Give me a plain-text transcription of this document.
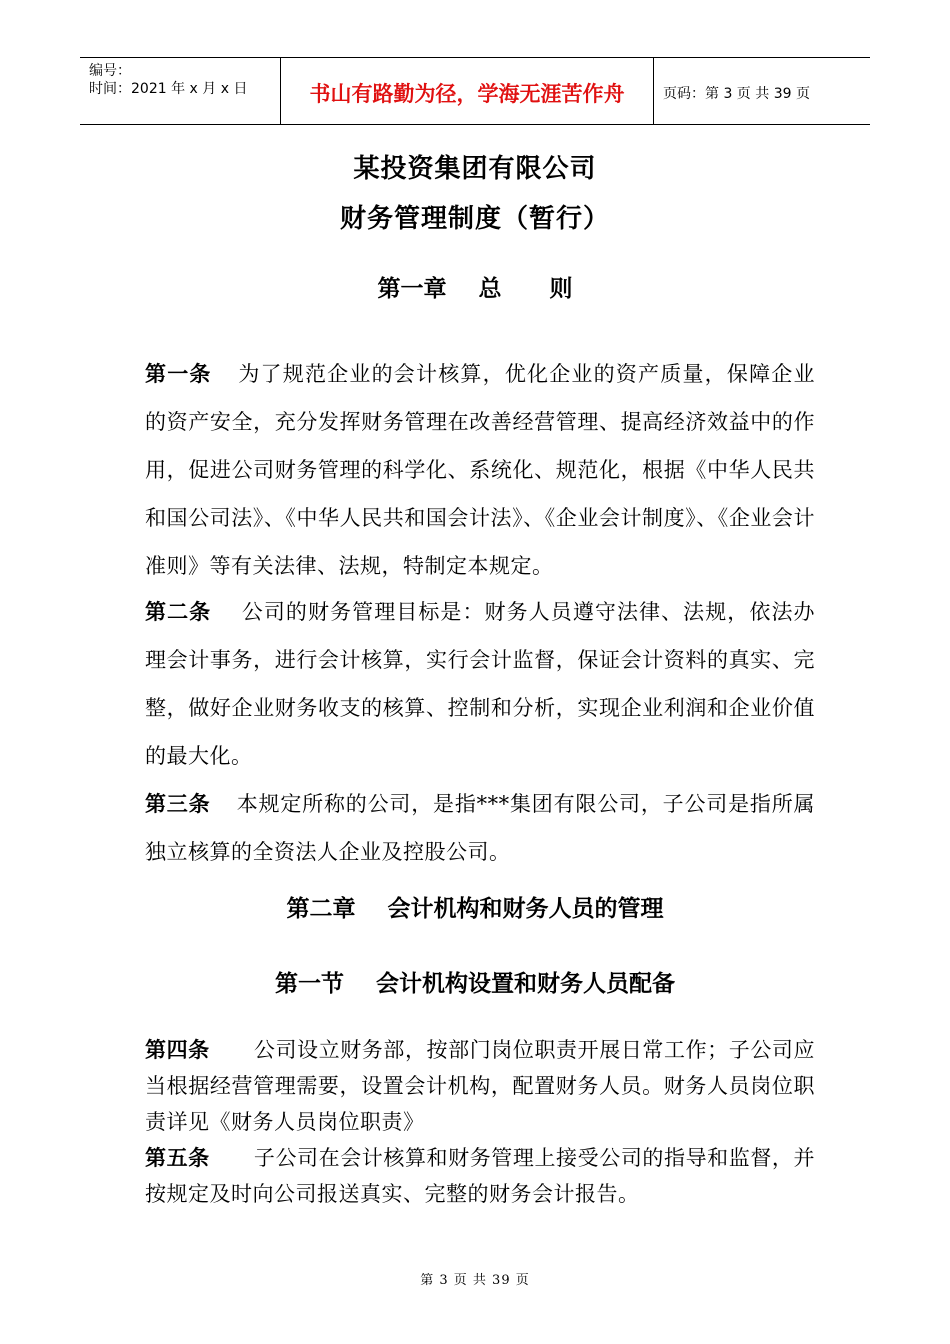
编号：
时间：2021 年 x 月 x 日	书山有路勤为径，学海无涯苦作舟	页码：第 3 页 共 39 页
某投资集团有限公司
财务管理制度（暂行）
第一章    总      则
第一条 为了规范企业的会计核算，优化企业的资产质量，保障企业的资产安全，充分发挥财务管理在改善经营管理、提高经济效益中的作用，促进公司财务管理的科学化、系统化、规范化，根据《中华人民共和国公司法》、《中华人民共和国会计法》、《企业会计制度》、《企业会计准则》等有关法律、法规，特制定本规定。
第二条 公司的财务管理目标是：财务人员遵守法律、法规，依法办理会计事务，进行会计核算，实行会计监督，保证会计资料的真实、完整，做好企业财务收支的核算、控制和分析，实现企业利润和企业价值的最大化。
第三条 本规定所称的公司，是指***集团有限公司，子公司是指所属独立核算的全资法人企业及控股公司。
第二章    会计机构和财务人员的管理
第一节    会计机构设置和财务人员配备
第四条 公司设立财务部，按部门岗位职责开展日常工作；子公司应当根据经营管理需要，设置会计机构，配置财务人员。财务人员岗位职责详见《财务人员岗位职责》
第五条 子公司在会计核算和财务管理上接受公司的指导和监督，并按规定及时向公司报送真实、完整的财务会计报告。
第 3 页 共 39 页
